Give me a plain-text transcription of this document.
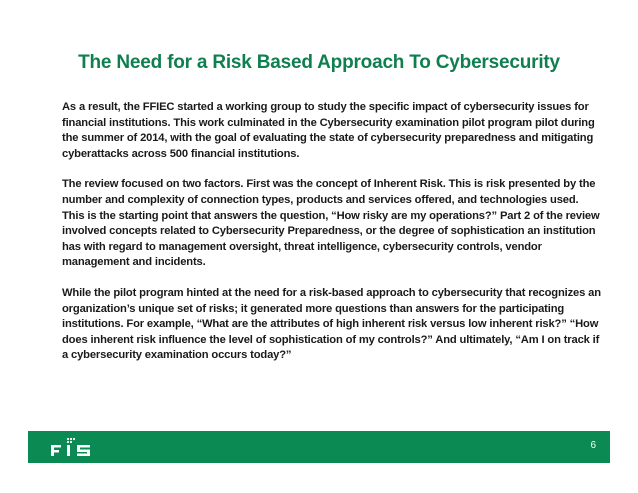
The Need for a Risk Based Approach To Cybersecurity

As a result, the FFIEC started a working group to study the specific impact of cybersecurity issues for financial institutions. This work culminated in the Cybersecurity examination pilot program pilot during the summer of 2014, with the goal of evaluating the state of cybersecurity preparedness and mitigating cyberattacks across 500 financial institutions.

The review focused on two factors. First was the concept of Inherent Risk. This is risk presented by the number and complexity of connection types, products and services offered, and technologies used. This is the starting point that answers the question, “How risky are my operations?” Part 2 of the review involved concepts related to Cybersecurity Preparedness, or the degree of sophistication an institution has with regard to management oversight, threat intelligence, cybersecurity controls, vendor management and incidents.

While the pilot program hinted at the need for a risk-based approach to cybersecurity that recognizes an organization’s unique set of risks; it generated more questions than answers for the participating institutions. For example, “What are the attributes of high inherent risk versus low inherent risk?” “How does inherent risk influence the level of sophistication of my controls?” And ultimately, “Am I on track if a cybersecurity examination occurs today?”

6
